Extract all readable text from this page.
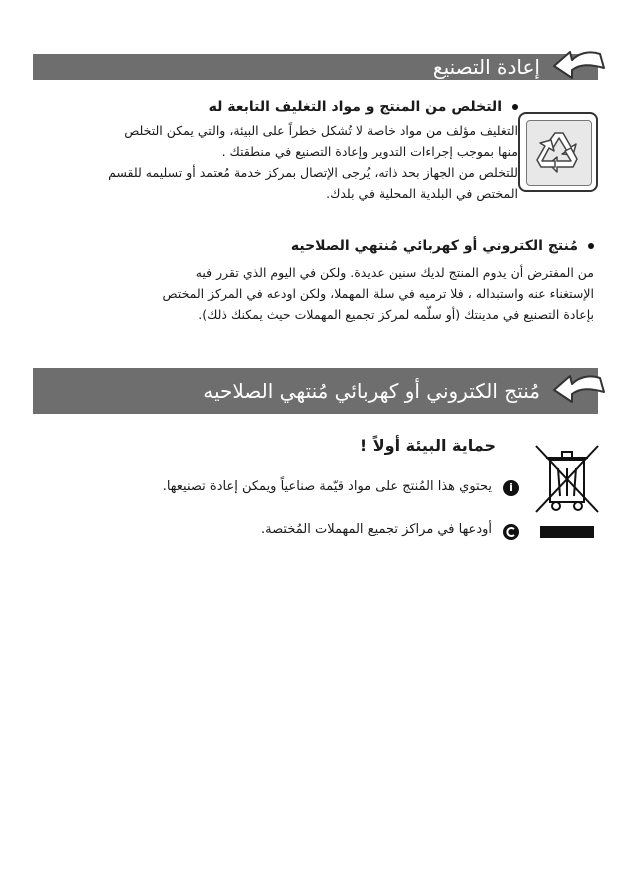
إعادة التصنيع
التخلص من المنتج و مواد التغليف التابعة له

التغليف مؤلف من مواد خاصة لا تُشكل خطراً على البيئة، والتي يمكن التخلص

منها بموجب إجراءات التدوير وإعادة التصنيع في منطقتك .

للتخلص من الجهاز بحد ذاته، يُرجى الإتصال بمركز خدمة مُعتمد أو تسليمه للقسم

المختص في البلدية المحلية في بلدك.

مُنتج الكتروني أو كهربائي مُنتهي الصلاحيه

من المفترض أن يدوم المنتج لديك سنين عديدة. ولكن في اليوم الذي تقرر فيه

الإستغناء عنه واستبداله ، فلا ترميه في سلة المهملا، ولكن اودعه في المركز المختص

بإعادة التصنيع في مدينتك (أو سلّمه لمركز تجميع المهملات حيث يمكنك ذلك).

مُنتج الكتروني أو كهربائي مُنتهي الصلاحيه
حماية البيئة أولاً !
i
يحتوي هذا المُنتج على مواد قيّمة صناعياً ويمكن إعادة تصنيعها.
أودعها في مراكز تجميع المهملات المُختصة.
